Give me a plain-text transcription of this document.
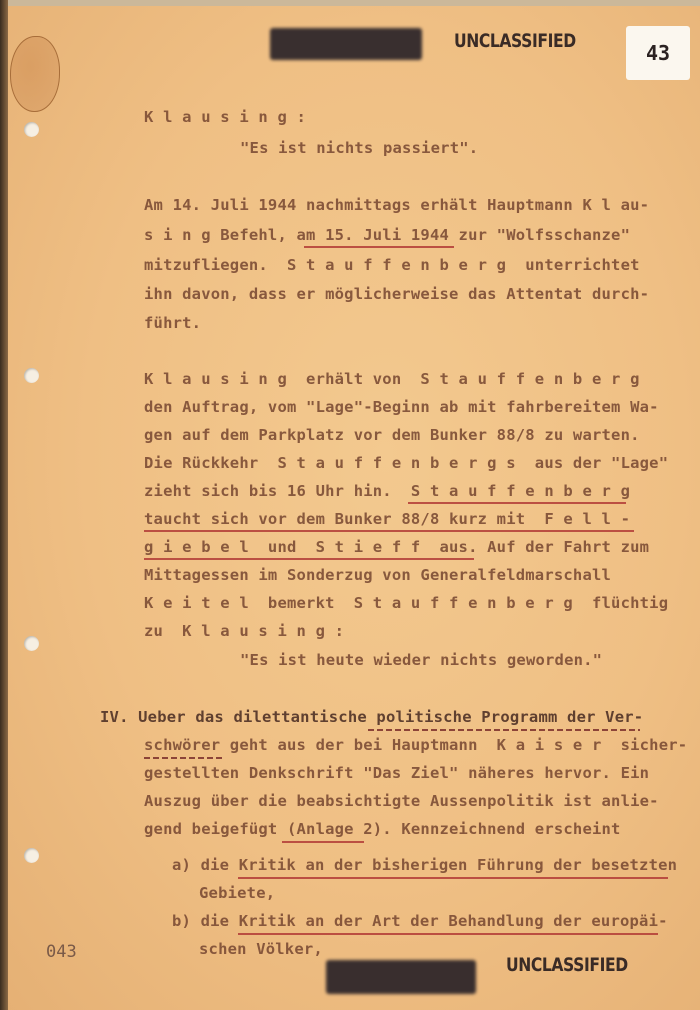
UNCLASSIFIED	43
K l a u s i n g :
"Es ist nichts passiert".
Am 14. Juli 1944 nachmittags erhält Hauptmann K l au-
s i n g Befehl, am 15. Juli 1944 zur "Wolfsschanze"
mitzufliegen.  S t a u f f e n b e r g  unterrichtet
ihn davon, dass er möglicherweise das Attentat durch-
führt.
K l a u s i n g  erhält von  S t a u f f e n b e r g
den Auftrag, vom "Lage"-Beginn ab mit fahrbereitem Wa-
gen auf dem Parkplatz vor dem Bunker 88/8 zu warten.
Die Rückkehr  S t a u f f e n b e r g s  aus der "Lage"
zieht sich bis 16 Uhr hin.  S t a u f f e n b e r g
taucht sich vor dem Bunker 88/8 kurz mit  F e l l -
g i e b e l  und  S t i e f f  aus. Auf der Fahrt zum
Mittagessen im Sonderzug von Generalfeldmarschall
K e i t e l  bemerkt  S t a u f f e n b e r g  flüchtig
zu  K l a u s i n g :
"Es ist heute wieder nichts geworden."
IV. Ueber das dilettantische politische Programm der Ver-
schwörer geht aus der bei Hauptmann  K a i s e r  sicher-
gestellten Denkschrift "Das Ziel" näheres hervor. Ein
Auszug über die beabsichtigte Aussenpolitik ist anlie-
gend beigefügt (Anlage 2). Kennzeichnend erscheint
a) die Kritik an der bisherigen Führung der besetzten
Gebiete,
b) die Kritik an der Art der Behandlung der europäi-
schen Völker,
043
UNCLASSIFIED
